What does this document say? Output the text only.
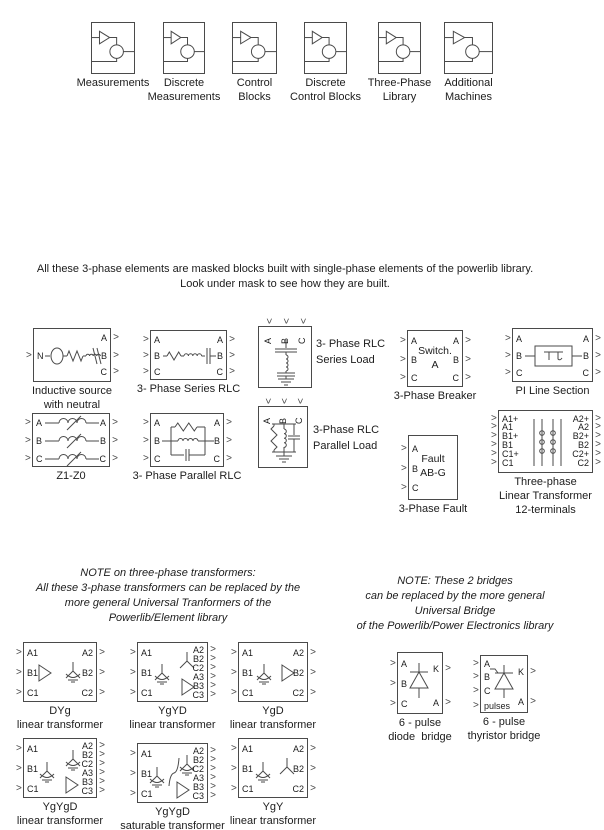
All these 3-phase elements are masked blocks built with single-phase elements of the powerlib library.
Look under mask to see how they are built.
NOTE on three-phase transformers:
All these 3-phase transformers can be replaced by the
more general Universal Tranformers of the
Powerlib/Element library
NOTE: These 2 bridges
can be replaced by the more general
Universal Bridge
of the Powerlib/Power Electronics library
Measurements	Discrete
Measurements
Control
Blocks
Discrete
Control Blocks
Three-Phase
Library
Additional
Machines
> N
>
A
>
B
>
C
Inductive source
with neutral
> A
> B
> C
>
A
>
B
>
C
3- Phase Series RLC
>
A
>
B
>
C 3- Phase RLC
Series Load
Switch.
A
> A
> B
> C
>
A
>
B
>
C
3-Phase Breaker
> A
> B
> C
>
A
>
B
>
C
PI Line Section
> A
> B
> C
>
A
>
B
>
C
Z1-Z0
> A
> B
> C
>
A
>
B
>
C
3- Phase Parallel RLC
>
A
>
B
>
C
3-Phase RLC
Parallel Load
Fault
AB-G
> A
> B
> C
3-Phase Fault
> A1+
> A1
> B1+
> B1
> C1+
> C1
>
A2+
>
A2
>
B2+
>
B2
>
C2+
>
C2
Three-phase
Linear Transformer
12-terminals
> A1
> B1
> C1
>
A2
>
B2
>
C2
DYg
linear transformer
> A1
> B1
> C1
>
A2
>
B2
>
C2
>
A3
>
B3
>
C3
YgYD
linear transformer
> A1
> B1
> C1
>
A2
>
B2
>
C2
YgD
linear transformer
> A1
> B1
> C1
>
A2
>
B2
>
C2
>
A3
>
B3
>
C3
YgYgD
linear transformer
> A1
> B1
> C1
>
A2
>
B2
>
C2
>
A3
>
B3
>
C3
YgYgD
saturable transformer
> A1
> B1
> C1
>
A2
>
B2
>
C2
YgY
linear transformer
> A
> B
> C
>
K
>
A
6 - pulse
diode  bridge
> A
> B
> C
> pulses
>
K
>
A
6 - pulse
thyristor bridge
